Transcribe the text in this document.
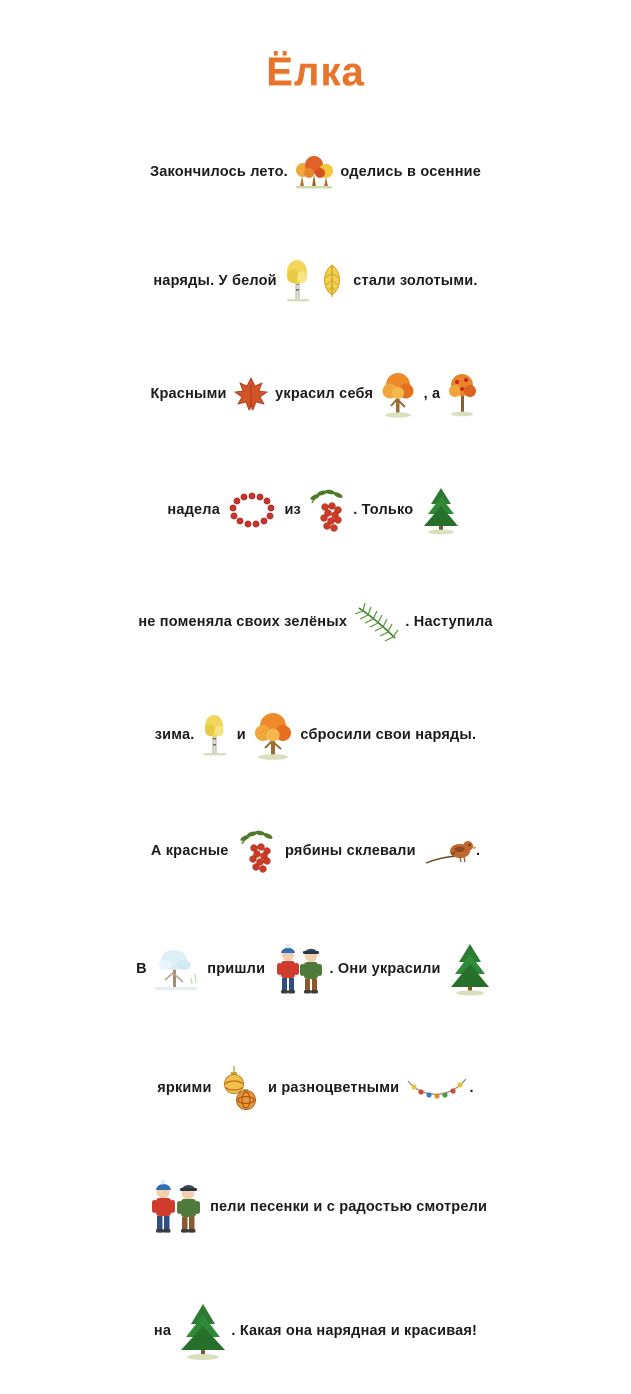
Ёлка
Закончилось лето.

	оделись в осенние
наряды. У белой

	стали золотыми.
Красными

	украсил себя

	, а

надела

	из

	. Только

не поменяла своих зелёных

	. Наступила
зима.

и

	сбросили свои наряды.
А красные

	рябины склевали

	.
В

	пришли

	. Они украсили

яркими

	и разноцветными

	.

пели песенки и с радостью смотрели
на

	. Какая она нарядная и красивая!
